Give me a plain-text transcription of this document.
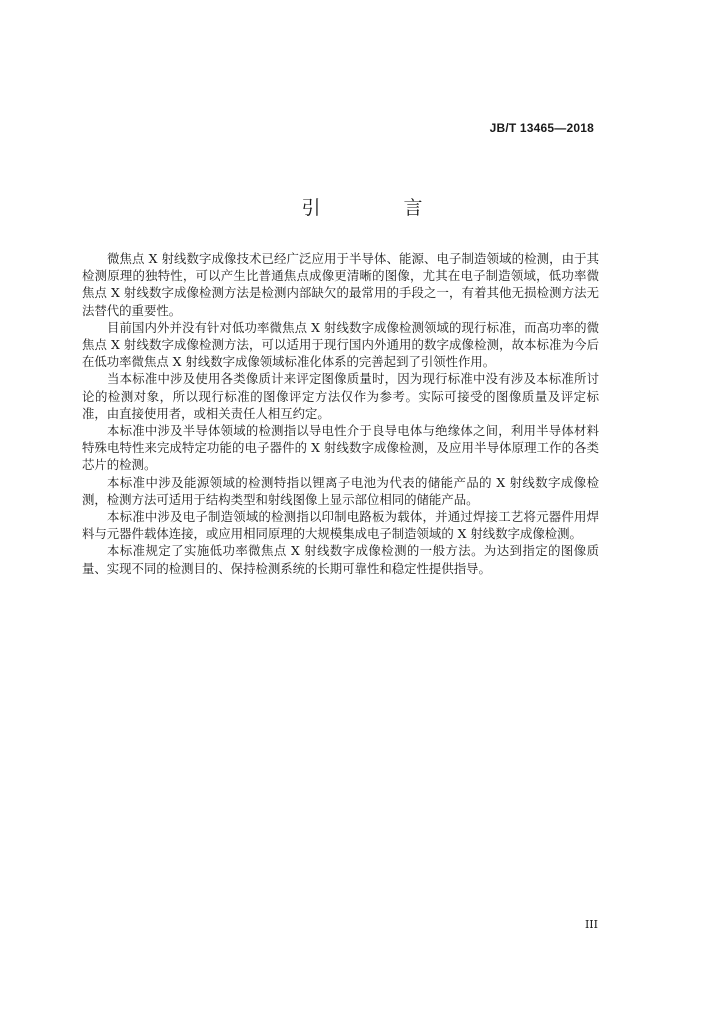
JB/T 13465—2018
引　言

微焦点 X 射线数字成像技术已经广泛应用于半导体、能源、电子制造领域的检测，由于其检测原理的独特性，可以产生比普通焦点成像更清晰的图像，尤其在电子制造领域，低功率微焦点 X 射线数字成像检测方法是检测内部缺欠的最常用的手段之一，有着其他无损检测方法无法替代的重要性。

目前国内外并没有针对低功率微焦点 X 射线数字成像检测领域的现行标准，而高功率的微焦点 X 射线数字成像检测方法，可以适用于现行国内外通用的数字成像检测，故本标准为今后在低功率微焦点 X 射线数字成像领域标准化体系的完善起到了引领性作用。

当本标准中涉及使用各类像质计来评定图像质量时，因为现行标准中没有涉及本标准所讨论的检测对象，所以现行标准的图像评定方法仅作为参考。实际可接受的图像质量及评定标准，由直接使用者，或相关责任人相互约定。

本标准中涉及半导体领域的检测指以导电性介于良导电体与绝缘体之间，利用半导体材料特殊电特性来完成特定功能的电子器件的 X 射线数字成像检测，及应用半导体原理工作的各类芯片的检测。

本标准中涉及能源领域的检测特指以锂离子电池为代表的储能产品的 X 射线数字成像检测，检测方法可适用于结构类型和射线图像上显示部位相同的储能产品。

本标准中涉及电子制造领域的检测指以印制电路板为载体，并通过焊接工艺将元器件用焊料与元器件载体连接，或应用相同原理的大规模集成电子制造领域的 X 射线数字成像检测。

本标准规定了实施低功率微焦点 X 射线数字成像检测的一般方法。为达到指定的图像质量、实现不同的检测目的、保持检测系统的长期可靠性和稳定性提供指导。

III
